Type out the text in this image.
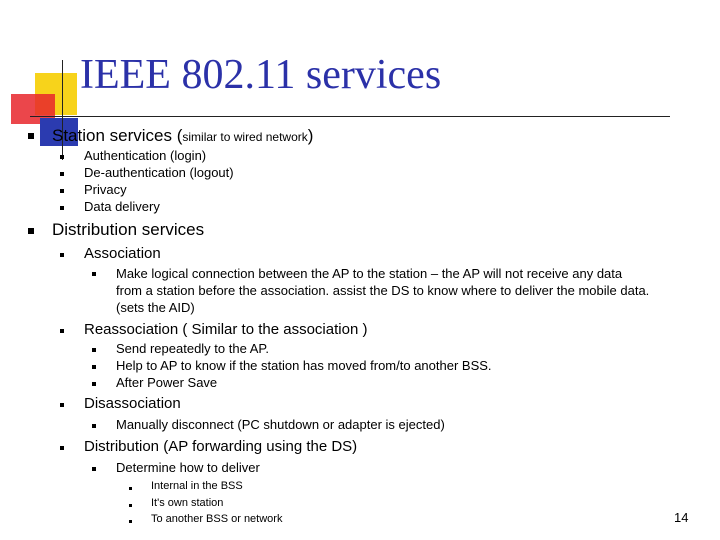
IEEE 802.11 services
Station services (similar to wired network)
Authentication (login)
De-authentication (logout)
Privacy
Data delivery
Distribution services
Association
Make logical connection between the AP to the station – the AP will not receive any data
from a station before the association. assist the DS to know where to deliver the mobile data.
(sets the AID)
Reassociation ( Similar to the association )
Send repeatedly to the AP.
Help to AP to know if the station has moved from/to another BSS.
After Power Save
Disassociation
Manually disconnect (PC shutdown or adapter is ejected)
Distribution (AP forwarding using the DS)
Determine how to deliver
Internal in the BSS
It's own station
To another BSS or network	14
